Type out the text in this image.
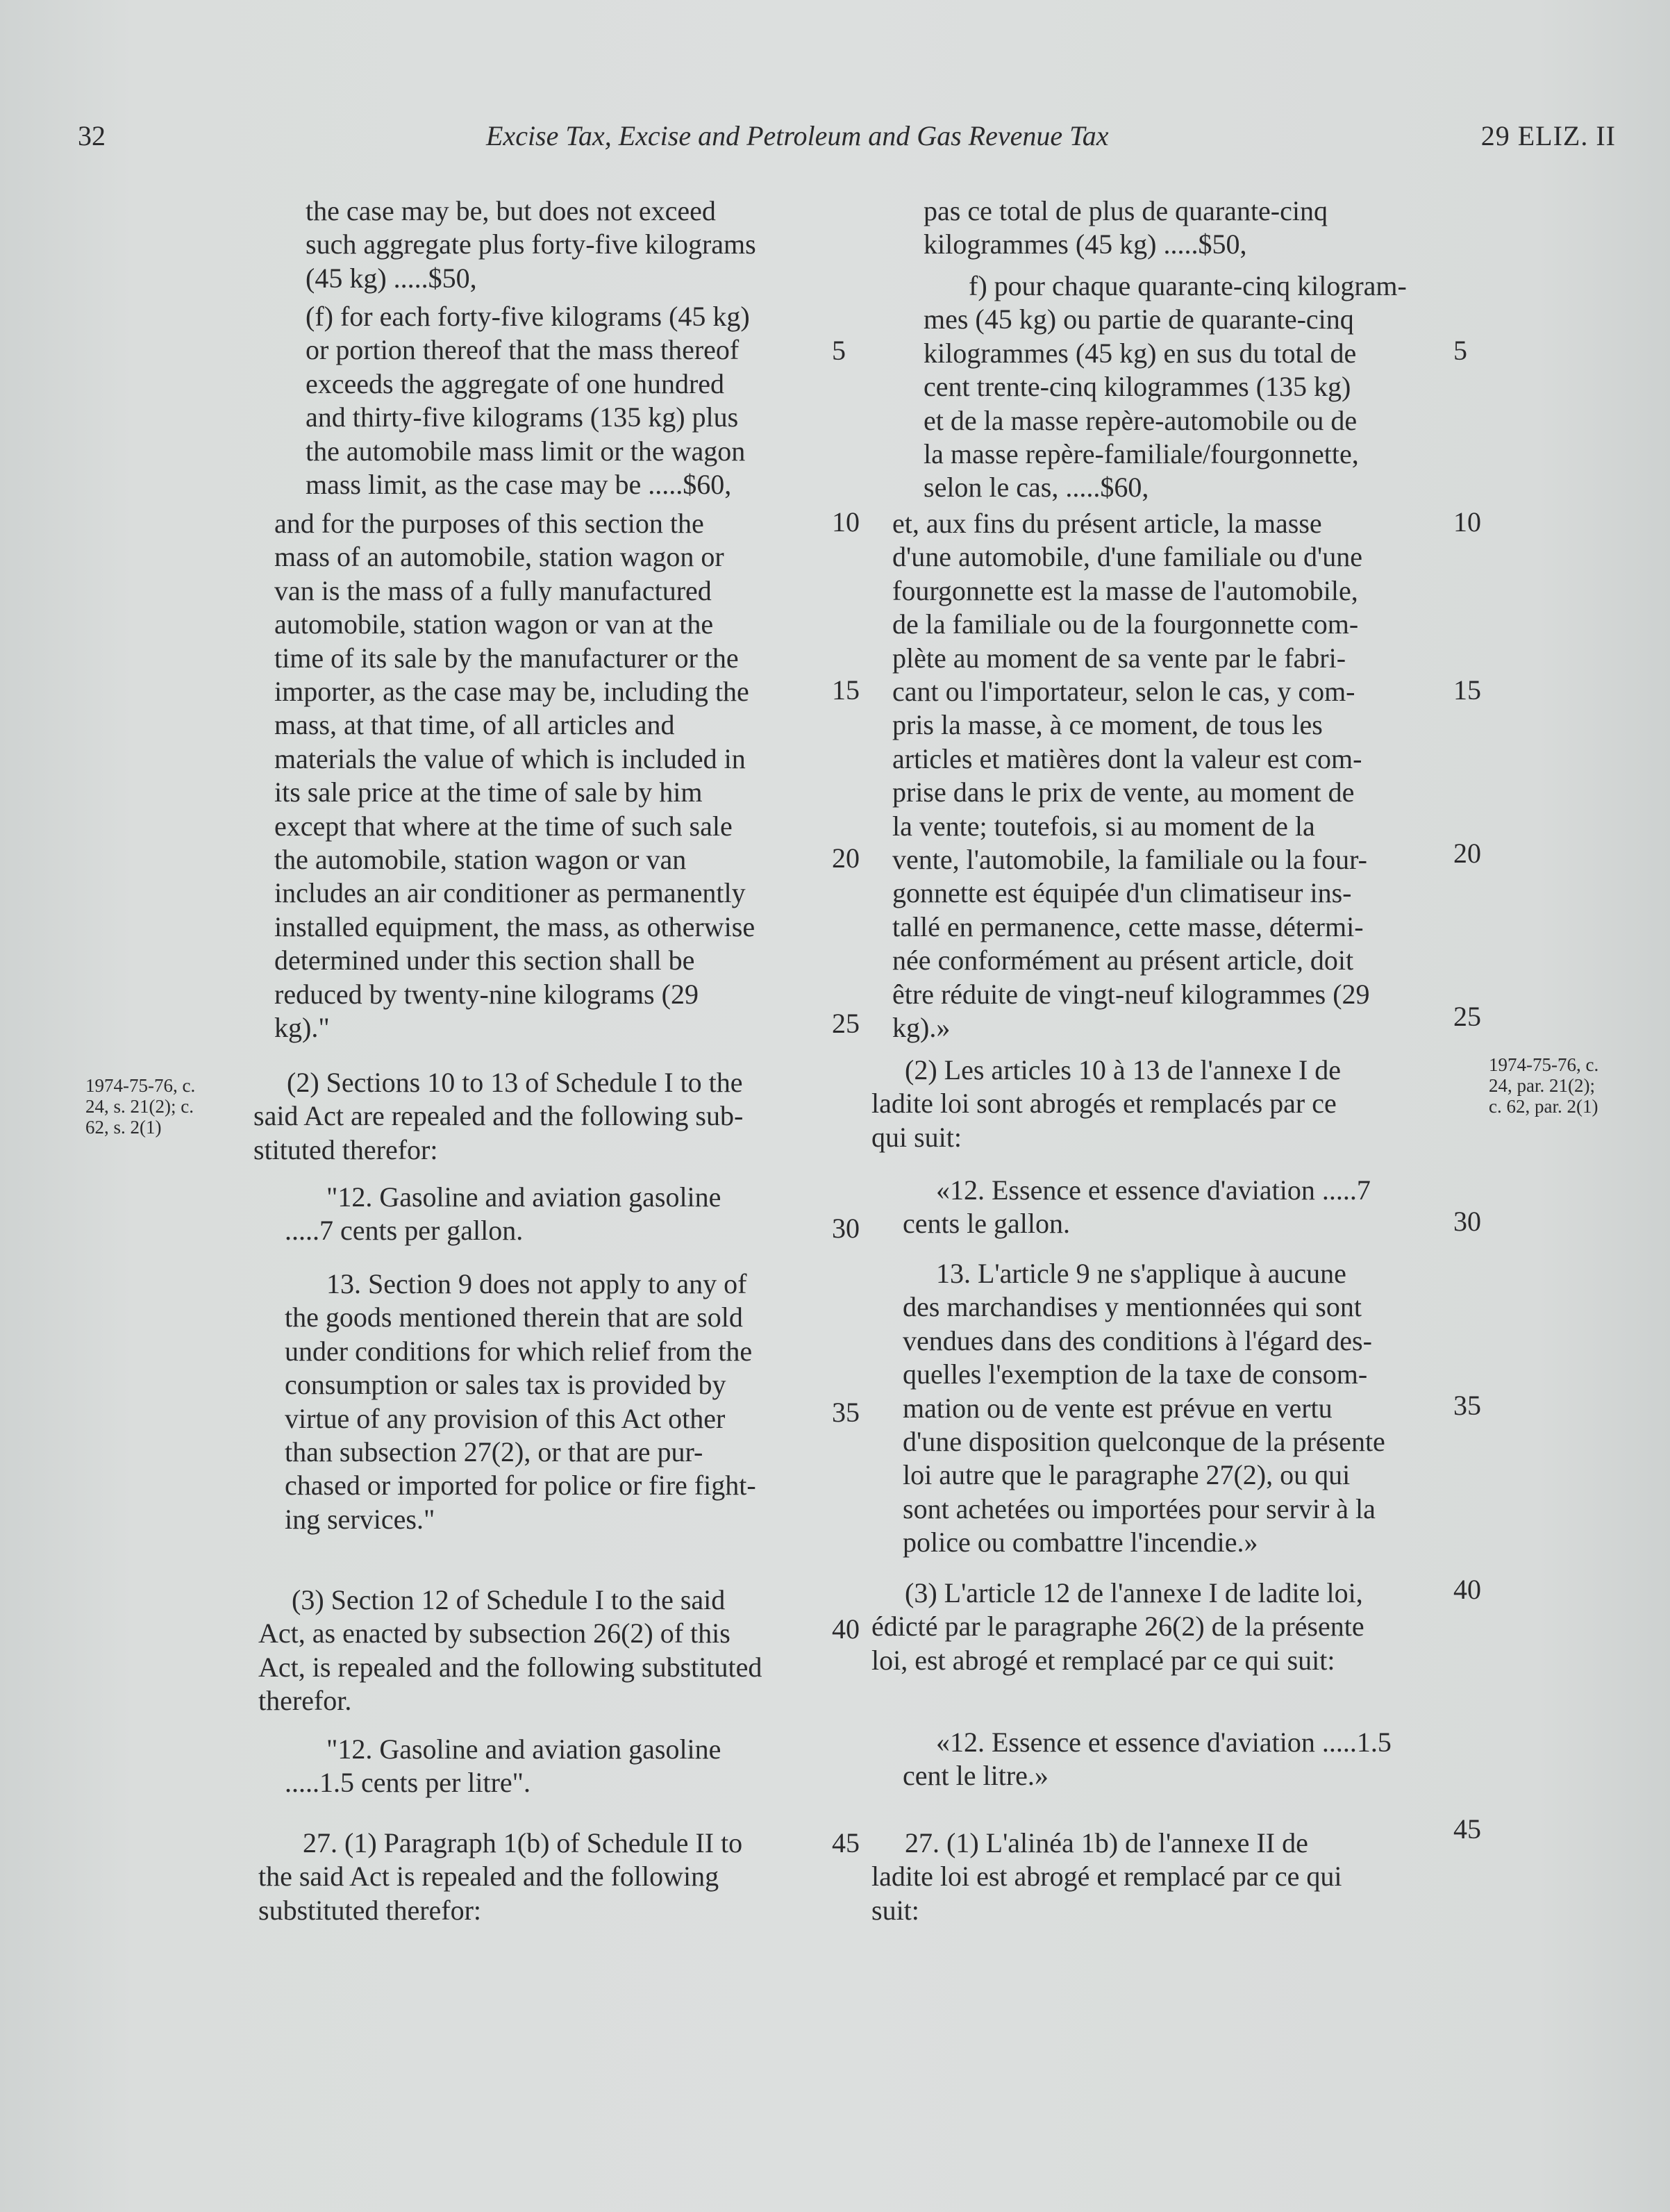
32	Excise Tax, Excise and Petroleum and Gas Revenue Tax	29 ELIZ. II

the case may be, but does not exceed

such aggregate plus forty-five kilograms

(45 kg) .....$50,

(f) for each forty-five kilograms (45 kg)

or portion thereof that the mass thereof

exceeds the aggregate of one hundred

and thirty-five kilograms (135 kg) plus

the automobile mass limit or the wagon

mass limit, as the case may be .....$60,

and for the purposes of this section the

mass of an automobile, station wagon or

van is the mass of a fully manufactured

automobile, station wagon or van at the

time of its sale by the manufacturer or the

importer, as the case may be, including the

mass, at that time, of all articles and

materials the value of which is included in

its sale price at the time of sale by him

except that where at the time of such sale

the automobile, station wagon or van

includes an air conditioner as permanently

installed equipment, the mass, as otherwise

determined under this section shall be

reduced by twenty-nine kilograms (29

kg)."

(2) Sections 10 to 13 of Schedule I to the

said Act are repealed and the following sub-

stituted therefor:

"12. Gasoline and aviation gasoline

.....7 cents per gallon.

13. Section 9 does not apply to any of

the goods mentioned therein that are sold

under conditions for which relief from the

consumption or sales tax is provided by

virtue of any provision of this Act other

than subsection 27(2), or that are pur-

chased or imported for police or fire fight-

ing services."

(3) Section 12 of Schedule I to the said

Act, as enacted by subsection 26(2) of this

Act, is repealed and the following substituted

therefor.

"12. Gasoline and aviation gasoline

.....1.5 cents per litre".

27. (1) Paragraph 1(b) of Schedule II to

the said Act is repealed and the following

substituted therefor:

pas ce total de plus de quarante-cinq

kilogrammes (45 kg) .....$50,

f) pour chaque quarante-cinq kilogram-

mes (45 kg) ou partie de quarante-cinq

kilogrammes (45 kg) en sus du total de

cent trente-cinq kilogrammes (135 kg)

et de la masse repère-automobile ou de

la masse repère-familiale/fourgonnette,

selon le cas, .....$60,

et, aux fins du présent article, la masse

d'une automobile, d'une familiale ou d'une

fourgonnette est la masse de l'automobile,

de la familiale ou de la fourgonnette com-

plète au moment de sa vente par le fabri-

cant ou l'importateur, selon le cas, y com-

pris la masse, à ce moment, de tous les

articles et matières dont la valeur est com-

prise dans le prix de vente, au moment de

la vente; toutefois, si au moment de la

vente, l'automobile, la familiale ou la four-

gonnette est équipée d'un climatiseur ins-

tallé en permanence, cette masse, détermi-

née conformément au présent article, doit

être réduite de vingt-neuf kilogrammes (29

kg).»

(2) Les articles 10 à 13 de l'annexe I de

ladite loi sont abrogés et remplacés par ce

qui suit:

«12. Essence et essence d'aviation .....7

cents le gallon.

13. L'article 9 ne s'applique à aucune

des marchandises y mentionnées qui sont

vendues dans des conditions à l'égard des-

quelles l'exemption de la taxe de consom-

mation ou de vente est prévue en vertu

d'une disposition quelconque de la présente

loi autre que le paragraphe 27(2), ou qui

sont achetées ou importées pour servir à la

police ou combattre l'incendie.»

(3) L'article 12 de l'annexe I de ladite loi,

édicté par le paragraphe 26(2) de la présente

loi, est abrogé et remplacé par ce qui suit:

«12. Essence et essence d'aviation .....1.5

cent le litre.»

27. (1) L'alinéa 1b) de l'annexe II de

ladite loi est abrogé et remplacé par ce qui

suit:

5
10
15
20
25
30
35
40
45
5
10
15
20
25
30
35
40
45
1974-75-76, c.
24, s. 21(2); c.
62, s. 2(1)
1974-75-76, c.
24, par. 21(2);
c. 62, par. 2(1)
